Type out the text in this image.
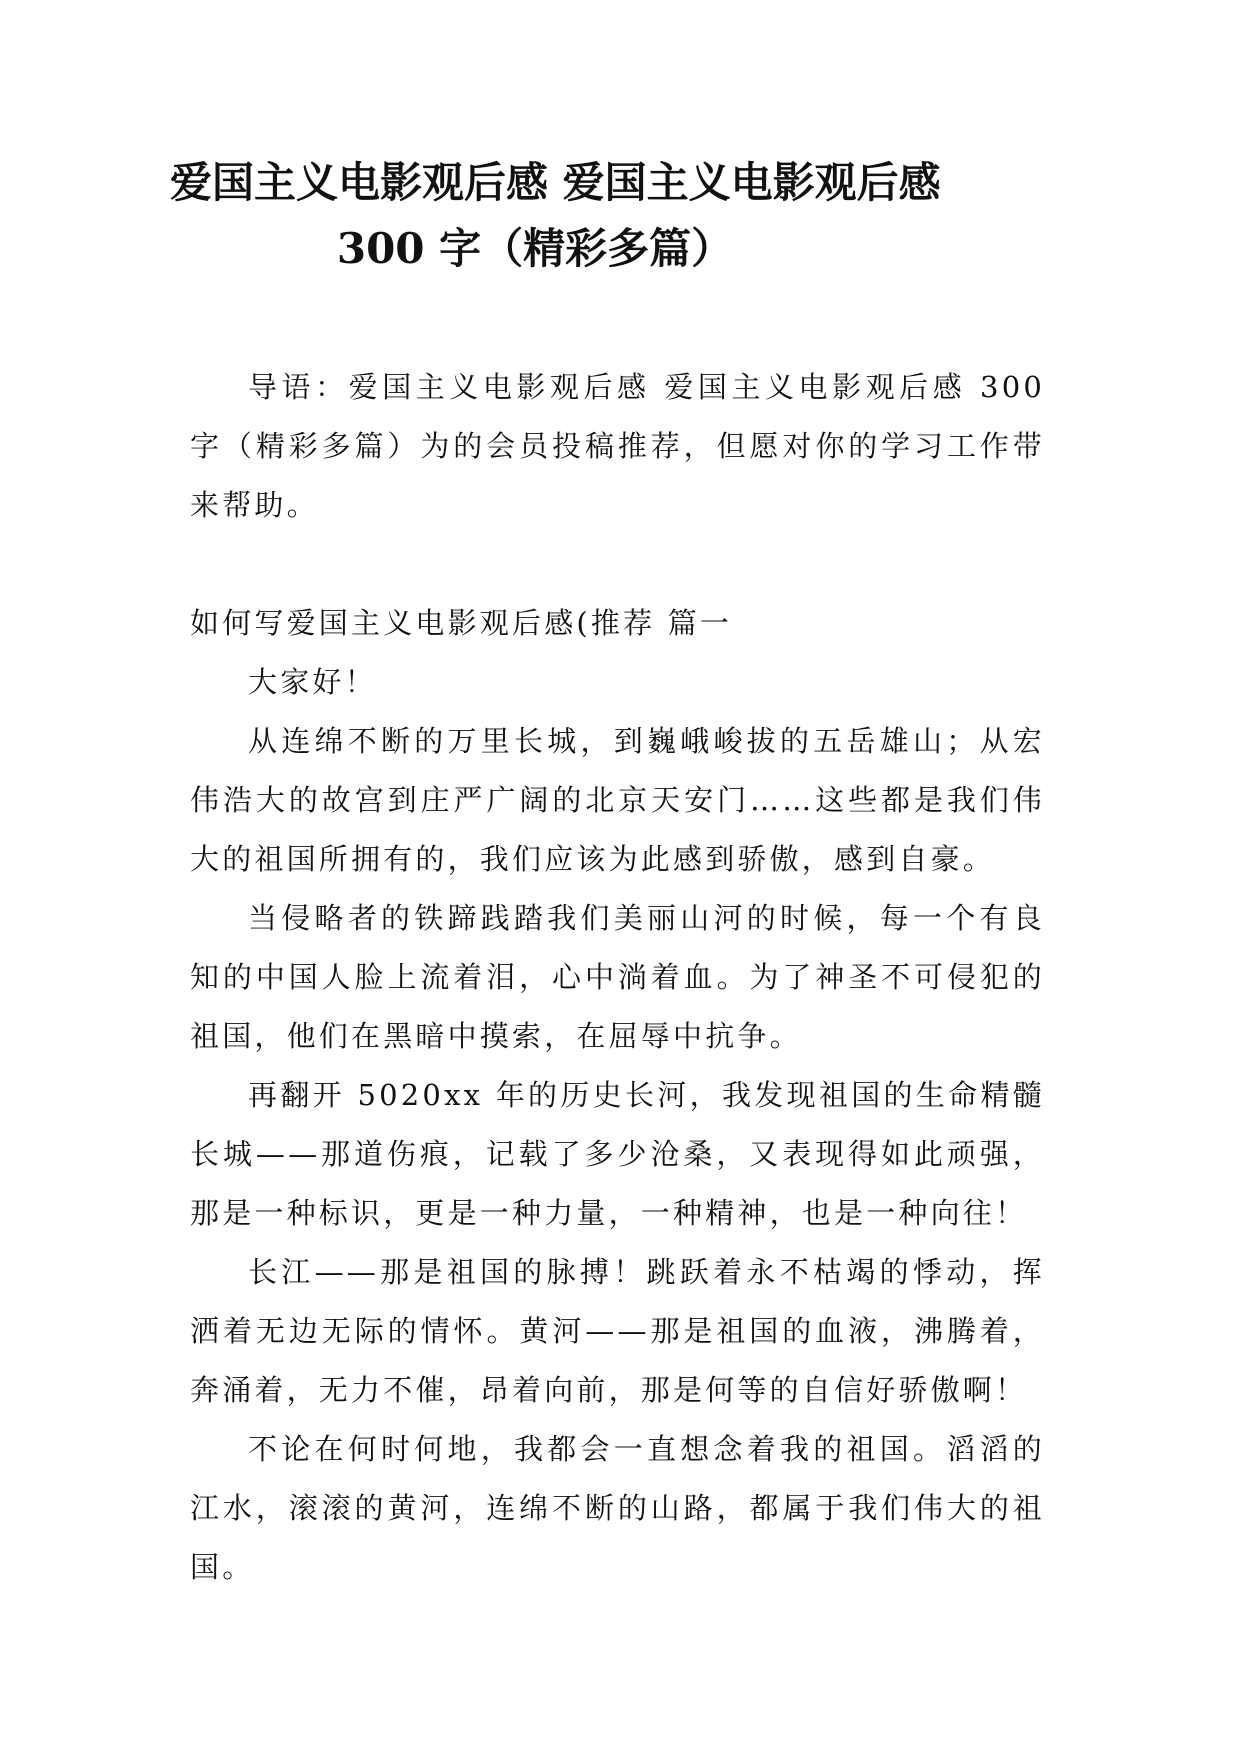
爱国主义电影观后感 爱国主义电影观后感
300 字（精彩多篇）

导语：爱国主义电影观后感 爱国主义电影观后感 300 字（精彩多篇）为的会员投稿推荐，但愿对你的学习工作带来帮助。

如何写爱国主义电影观后感(推荐 篇一

大家好！

从连绵不断的万里长城，到巍峨峻拔的五岳雄山；从宏伟浩大的故宫到庄严广阔的北京天安门……这些都是我们伟大的祖国所拥有的，我们应该为此感到骄傲，感到自豪。

当侵略者的铁蹄践踏我们美丽山河的时候，每一个有良知的中国人脸上流着泪，心中淌着血。为了神圣不可侵犯的祖国，他们在黑暗中摸索，在屈辱中抗争。

再翻开 5020xx 年的历史长河，我发现祖国的生命精髓长城——那道伤痕，记载了多少沧桑，又表现得如此顽强，那是一种标识，更是一种力量，一种精神，也是一种向往！

长江——那是祖国的脉搏！跳跃着永不枯竭的悸动，挥洒着无边无际的情怀。黄河——那是祖国的血液，沸腾着，奔涌着，无力不催，昂着向前，那是何等的自信好骄傲啊！

不论在何时何地，我都会一直想念着我的祖国。滔滔的江水，滚滚的黄河，连绵不断的山路，都属于我们伟大的祖国。
